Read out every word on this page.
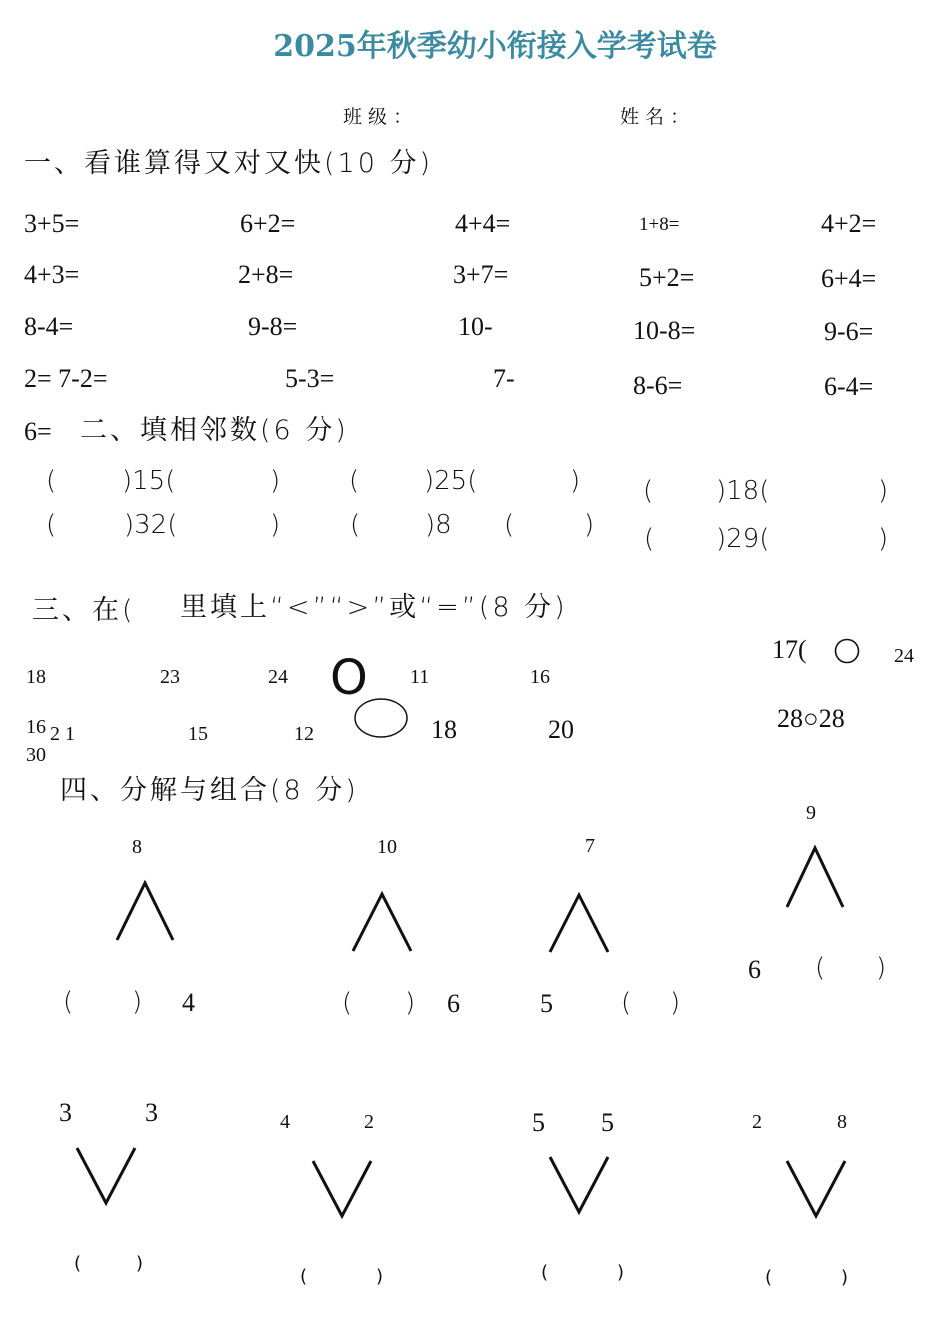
2025年秋季幼小衔接入学考试卷
班 级 ：	姓 名 ：
一、看谁算得又对又快(10 分)
3+5=	6+2=	4+4=	1+8=	4+2=
4+3=	2+8=	3+7=	5+2=	6+4=
8-4=	9-8=	10-	10-8=	9-6=
2= 7-2=	5-3=	7-	8-6=	6-4=
6= 二、填相邻数(6 分)
(	)15(	)	( )25(	) ( )18(	)
(	)32(	)	( )8 (	) ( )29(	)
三、在( 里填上“<”“>”或“=”(8 分)
18	23	24 O 11	16
16 2 1	15	12	18	20
30
17(	24
28○28
四、分解与组合(8 分)
8
( ) 4
10
( ) 6
7
5	( )
9
6 ( )
3	3
(	)
4	2
(	)
5 5
(	)
2	8
(	)
